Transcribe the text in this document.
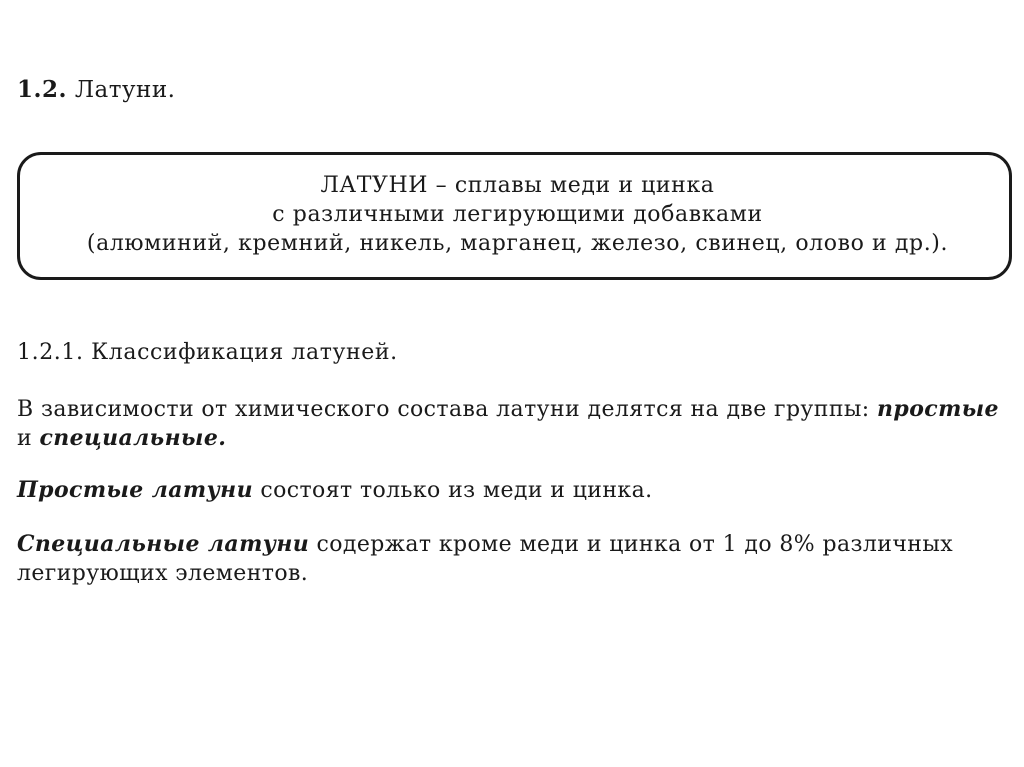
1.2. Латуни.
ЛАТУНИ – сплавы меди и цинка
с различными легирующими добавками
(алюминий, кремний, никель, марганец, железо, свинец, олово и др.).
1.2.1. Классификация латуней.
В зависимости от химического состава латуни делятся на две группы: простые
и специальные.
Простые латуни состоят только из меди и цинка.
Специальные латуни содержат кроме меди и цинка от 1 до 8% различных
легирующих элементов.
